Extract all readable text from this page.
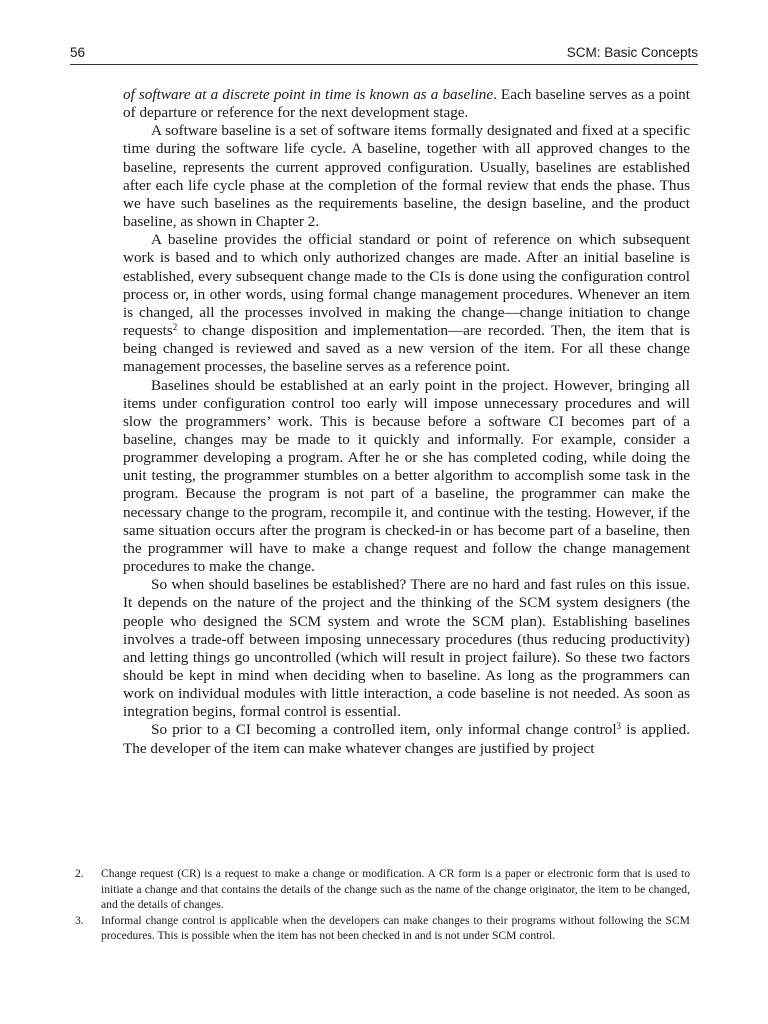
56	SCM: Basic Concepts

of software at a discrete point in time is known as a baseline. Each baseline serves as a point of departure or reference for the next development stage.

A software baseline is a set of software items formally designated and fixed at a specific time during the software life cycle. A baseline, together with all approved changes to the baseline, represents the current approved configuration. Usually, baselines are established after each life cycle phase at the completion of the formal review that ends the phase. Thus we have such baselines as the requirements baseline, the design baseline, and the product baseline, as shown in Chapter 2.

A baseline provides the official standard or point of reference on which subsequent work is based and to which only authorized changes are made. After an initial baseline is established, every subsequent change made to the CIs is done using the configuration control process or, in other words, using formal change management procedures. Whenever an item is changed, all the processes involved in making the change—change initiation to change requests$^2$ to change disposition and implementation—are recorded. Then, the item that is being changed is reviewed and saved as a new version of the item. For all these change management processes, the baseline serves as a reference point.

Baselines should be established at an early point in the project. However, bringing all items under configuration control too early will impose unnecessary procedures and will slow the programmers’ work. This is because before a software CI becomes part of a baseline, changes may be made to it quickly and informally. For example, consider a programmer developing a program. After he or she has completed coding, while doing the unit testing, the programmer stumbles on a better algorithm to accomplish some task in the program. Because the program is not part of a baseline, the programmer can make the necessary change to the program, recompile it, and continue with the testing. However, if the same situation occurs after the program is checked-in or has become part of a baseline, then the programmer will have to make a change request and follow the change management procedures to make the change.

So when should baselines be established? There are no hard and fast rules on this issue. It depends on the nature of the project and the thinking of the SCM system designers (the people who designed the SCM system and wrote the SCM plan). Establishing baselines involves a trade-off between imposing unnecessary procedures (thus reducing productivity) and letting things go uncontrolled (which will result in project failure). So these two factors should be kept in mind when deciding when to baseline. As long as the programmers can work on individual modules with little interaction, a code baseline is not needed. As soon as integration begins, formal control is essential.

So prior to a CI becoming a controlled item, only informal change control$^3$ is applied. The developer of the item can make whatever changes are justified by project

2. Change request (CR) is a request to make a change or modification. A CR form is a paper or electronic form that is used to initiate a change and that contains the details of the change such as the name of the change originator, the item to be changed, and the details of changes.
3. Informal change control is applicable when the developers can make changes to their programs without following the SCM procedures. This is possible when the item has not been checked in and is not under SCM control.
